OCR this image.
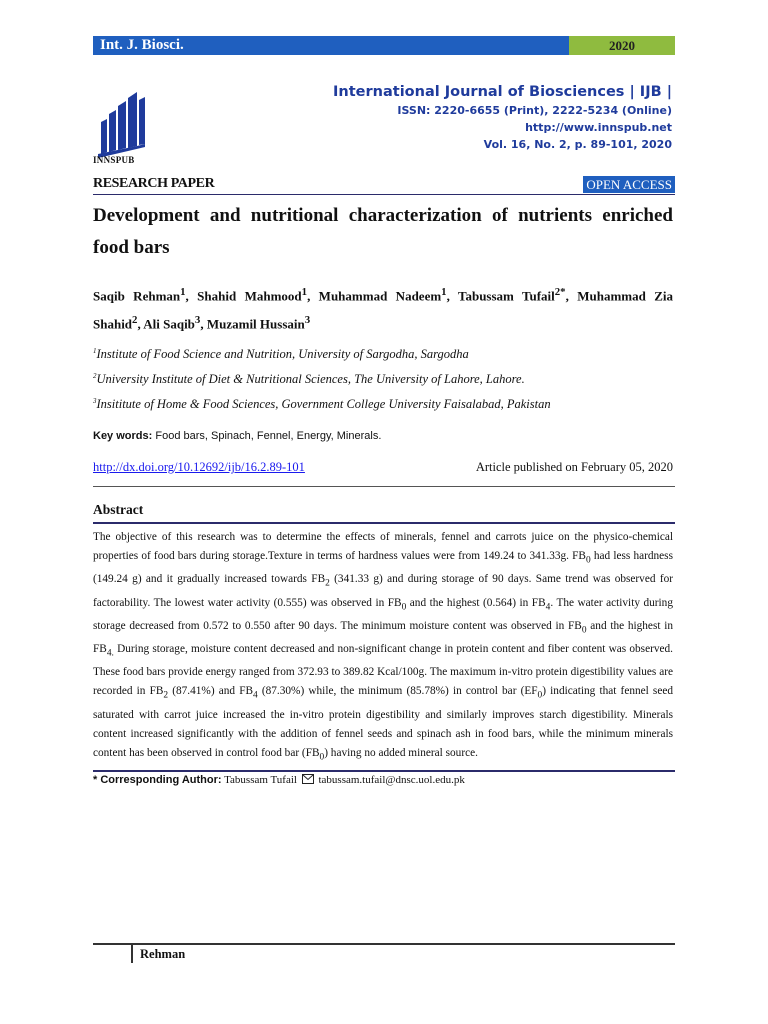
Int. J. Biosci.	2020
INNSPUB
International Journal of Biosciences | IJB |
ISSN: 2220-6655 (Print), 2222-5234 (Online)
http://www.innspub.net
Vol. 16, No. 2, p. 89-101, 2020
RESEARCH PAPER	OPEN ACCESS
Development and nutritional characterization of nutrients enriched food bars
Saqib Rehman$^1$, Shahid Mahmood$^1$, Muhammad Nadeem$^1$, Tabussam Tufail$^{2*}$, Muhammad Zia Shahid$^2$, Ali Saqib$^3$, Muzamil Hussain$^3$
$^1$Institute of Food Science and Nutrition, University of Sargodha, Sargodha
$^2$University Institute of Diet & Nutritional Sciences, The University of Lahore, Lahore.
$^3$Insititute of Home & Food Sciences, Government College University Faisalabad, Pakistan
Key words: Food bars, Spinach, Fennel, Energy, Minerals.
http://dx.doi.org/10.12692/ijb/16.2.89-101	Article published on February 05, 2020
Abstract
The objective of this research was to determine the effects of minerals, fennel and carrots juice on the physico-chemical properties of food bars during storage.Texture in terms of hardness values were from 149.24 to 341.33g. $FB_0$ had less hardness (149.24 g) and it gradually increased towards $FB_2$ (341.33 g) and during storage of 90 days. Same trend was observed for factorability. The lowest water activity (0.555) was observed in $FB_0$ and the highest (0.564) in $FB_4$. The water activity during storage decreased from 0.572 to 0.550 after 90 days. The minimum moisture content was observed in $FB_0$ and the highest in $FB_{4.}$ During storage, moisture content decreased and non-significant change in protein content and fiber content was observed. These food bars provide energy ranged from 372.93 to 389.82 Kcal/100g. The maximum in-vitro protein digestibility values are recorded in $FB_2$ (87.41%) and $FB_4$ (87.30%) while, the minimum (85.78%) in control bar $(EF_0)$ indicating that fennel seed saturated with carrot juice increased the in-vitro protein digestibility and similarly improves starch digestibility. Minerals content increased significantly with the addition of fennel seeds and spinach ash in food bars, while the minimum minerals content has been observed in control food bar $(FB_0)$ having no added mineral source.
* Corresponding Author: Tabussam Tufail tabussam.tufail@dnsc.uol.edu.pk
Rehman
